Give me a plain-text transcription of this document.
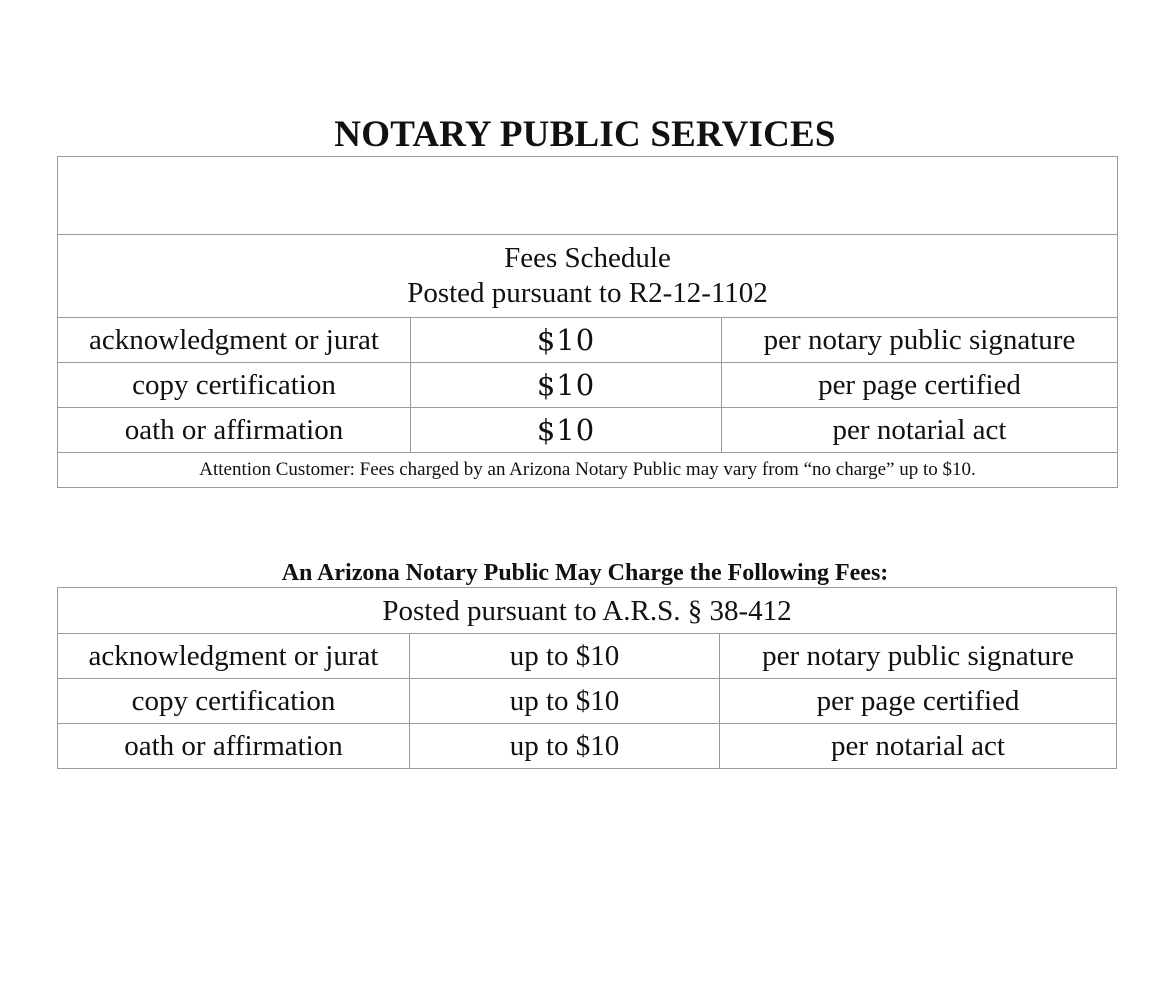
NOTARY PUBLIC SERVICES

Fees Schedule
Posted pursuant to R2-12-1102		

acknowledgment or jurat	$10	per notary public signature
copy certification	$10	per page certified
oath or affirmation	$10	per notarial act
Attention Customer: Fees charged by an Arizona Notary Public may vary from “no charge” up to $10.		
An Arizona Notary Public May Charge the Following Fees:
Posted pursuant to A.R.S. § 38-412		
acknowledgment or jurat	up to $10	per notary public signature
copy certification	up to $10	per page certified
oath or affirmation	up to $10	per notarial act
